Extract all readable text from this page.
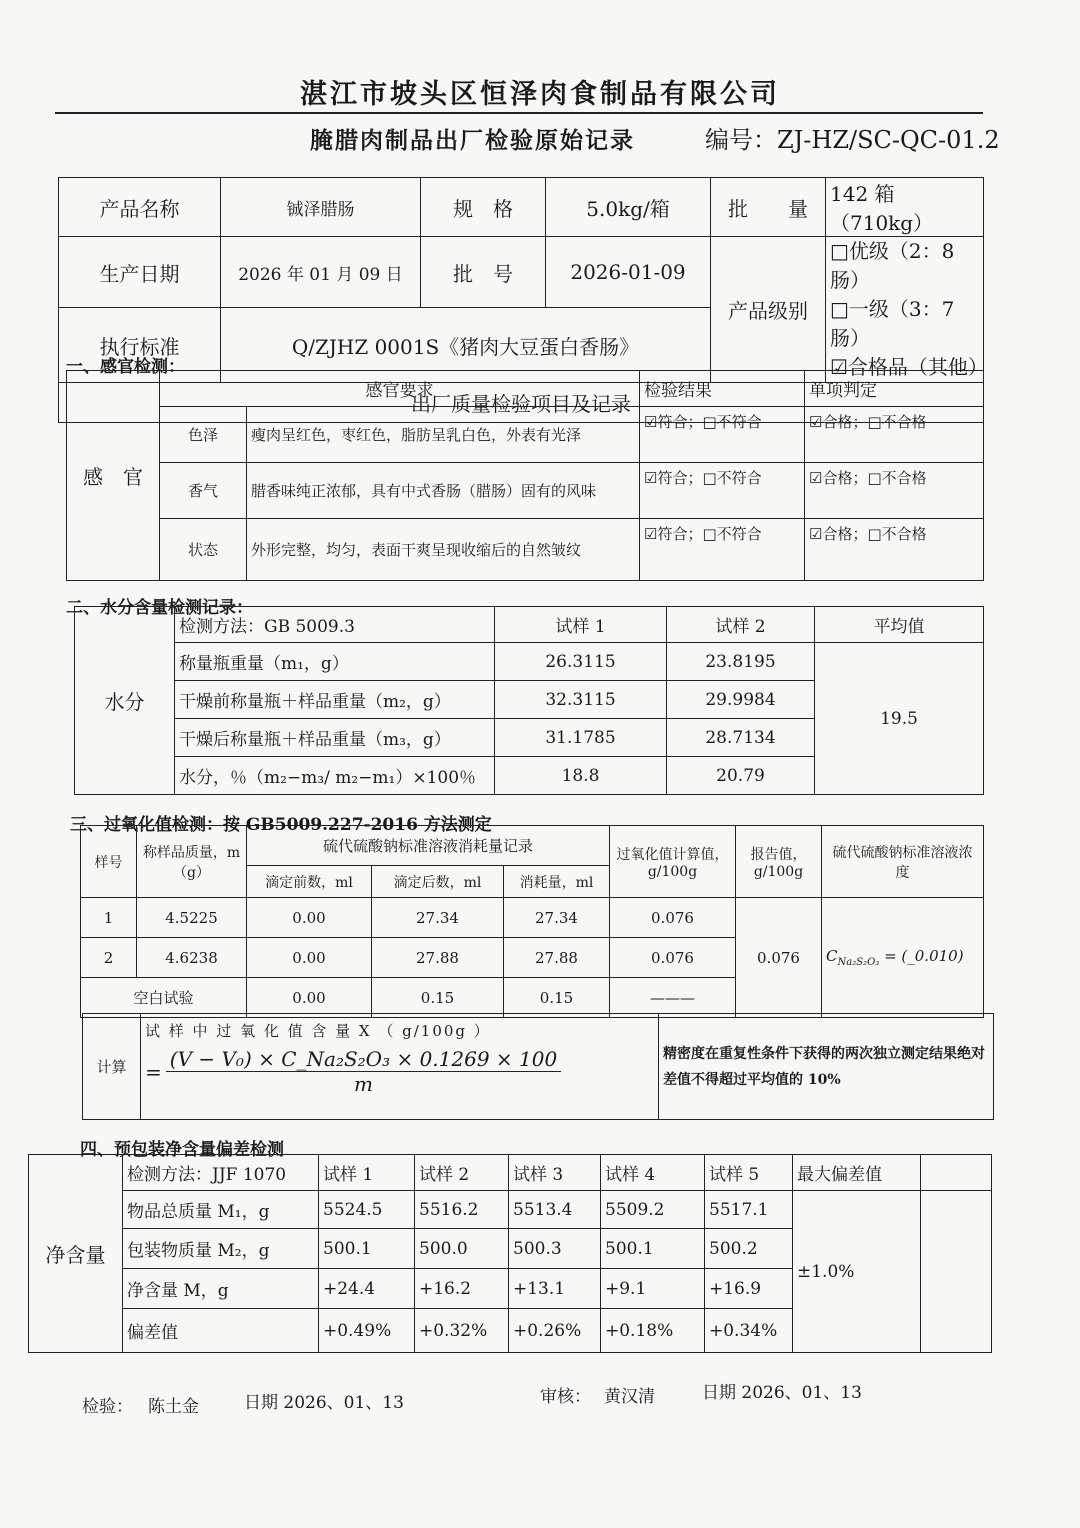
湛江市坡头区恒泽肉食制品有限公司
腌腊肉制品出厂检验原始记录	编号：ZJ-HZ/SC-QC-01.2
产品名称	铖泽腊肠	规　格	5.0kg/箱	批　　量	142 箱（710kg）
生产日期	2026 年 01 月 09 日	批　号	2026-01-09	产品级别	□优级（2：8 肠）
□一级（3：7 肠）
☑合格品（其他）

执行标准	Q/ZJHZ 0001S《猪肉大豆蛋白香肠》				
出厂质量检验项目及记录					
一、感官检测：
感　官	感官要求		检验结果	单项判定
	色泽	瘦肉呈红色，枣红色，脂肪呈乳白色，外表有光泽	☑符合；□不符合	☑合格；□不合格
	香气	腊香味纯正浓郁，具有中式香肠（腊肠）固有的风味	☑符合；□不符合	☑合格；□不合格
	状态	外形完整，均匀，表面干爽呈现收缩后的自然皱纹	☑符合；□不符合	☑合格；□不合格
二、水分含量检测记录：
水分	检测方法：GB 5009.3	试样 1	试样 2	平均值
	称量瓶重量（m₁，g）	26.3115	23.8195	19.5
	干燥前称量瓶＋样品重量（m₂，g）	32.3115	29.9984	
	干燥后称量瓶＋样品重量（m₃，g）	31.1785	28.7134	
	水分，％（m₂−m₃/ m₂−m₁）×100％	18.8	20.79	
三、过氧化值检测：按 GB5009.227-2016 方法测定
样号	称样品质量，m（g）	硫代硫酸钠标准溶液消耗量记录			过氧化值计算值，g/100g	报告值，g/100g	硫代硫酸钠标准溶液浓度
		滴定前数，ml	滴定后数，ml	消耗量，ml			
1	4.5225	0.00	27.34	27.34	0.076	0.076	$C_{Na_2S_2O_3}$ = (_0.010)
2	4.6238	0.00	27.88	27.88	0.076		
空白试验		0.00	0.15	0.15	———		
计算	
试 样 中 过 氧 化 值 含 量 X （ g/100g ）
= $\frac{\text{(V − V₀) × C\_Na₂S₂O₃ × 0.1269 × 100}}{m}$	精密度在重复性条件下获得的两次独立测定结果绝对差值不得超过平均值的 10%
四、预包装净含量偏差检测
净含量	检测方法：JJF 1070	试样 1	试样 2	试样 3	试样 4	试样 5	最大偏差值	
	物品总质量 M₁，g	5524.5	5516.2	5513.4	5509.2	5517.1	±1.0%	
	包装物质量 M₂，g	500.1	500.0	500.3	500.1	500.2		
	净含量 M，g	+24.4	+16.2	+13.1	+9.1	+16.9		
	偏差值	+0.49%	+0.32%	+0.26%	+0.18%	+0.34%		
检验： 陈土金	日期 2026、01、13	审核： 黄汉清	日期 2026、01、13
